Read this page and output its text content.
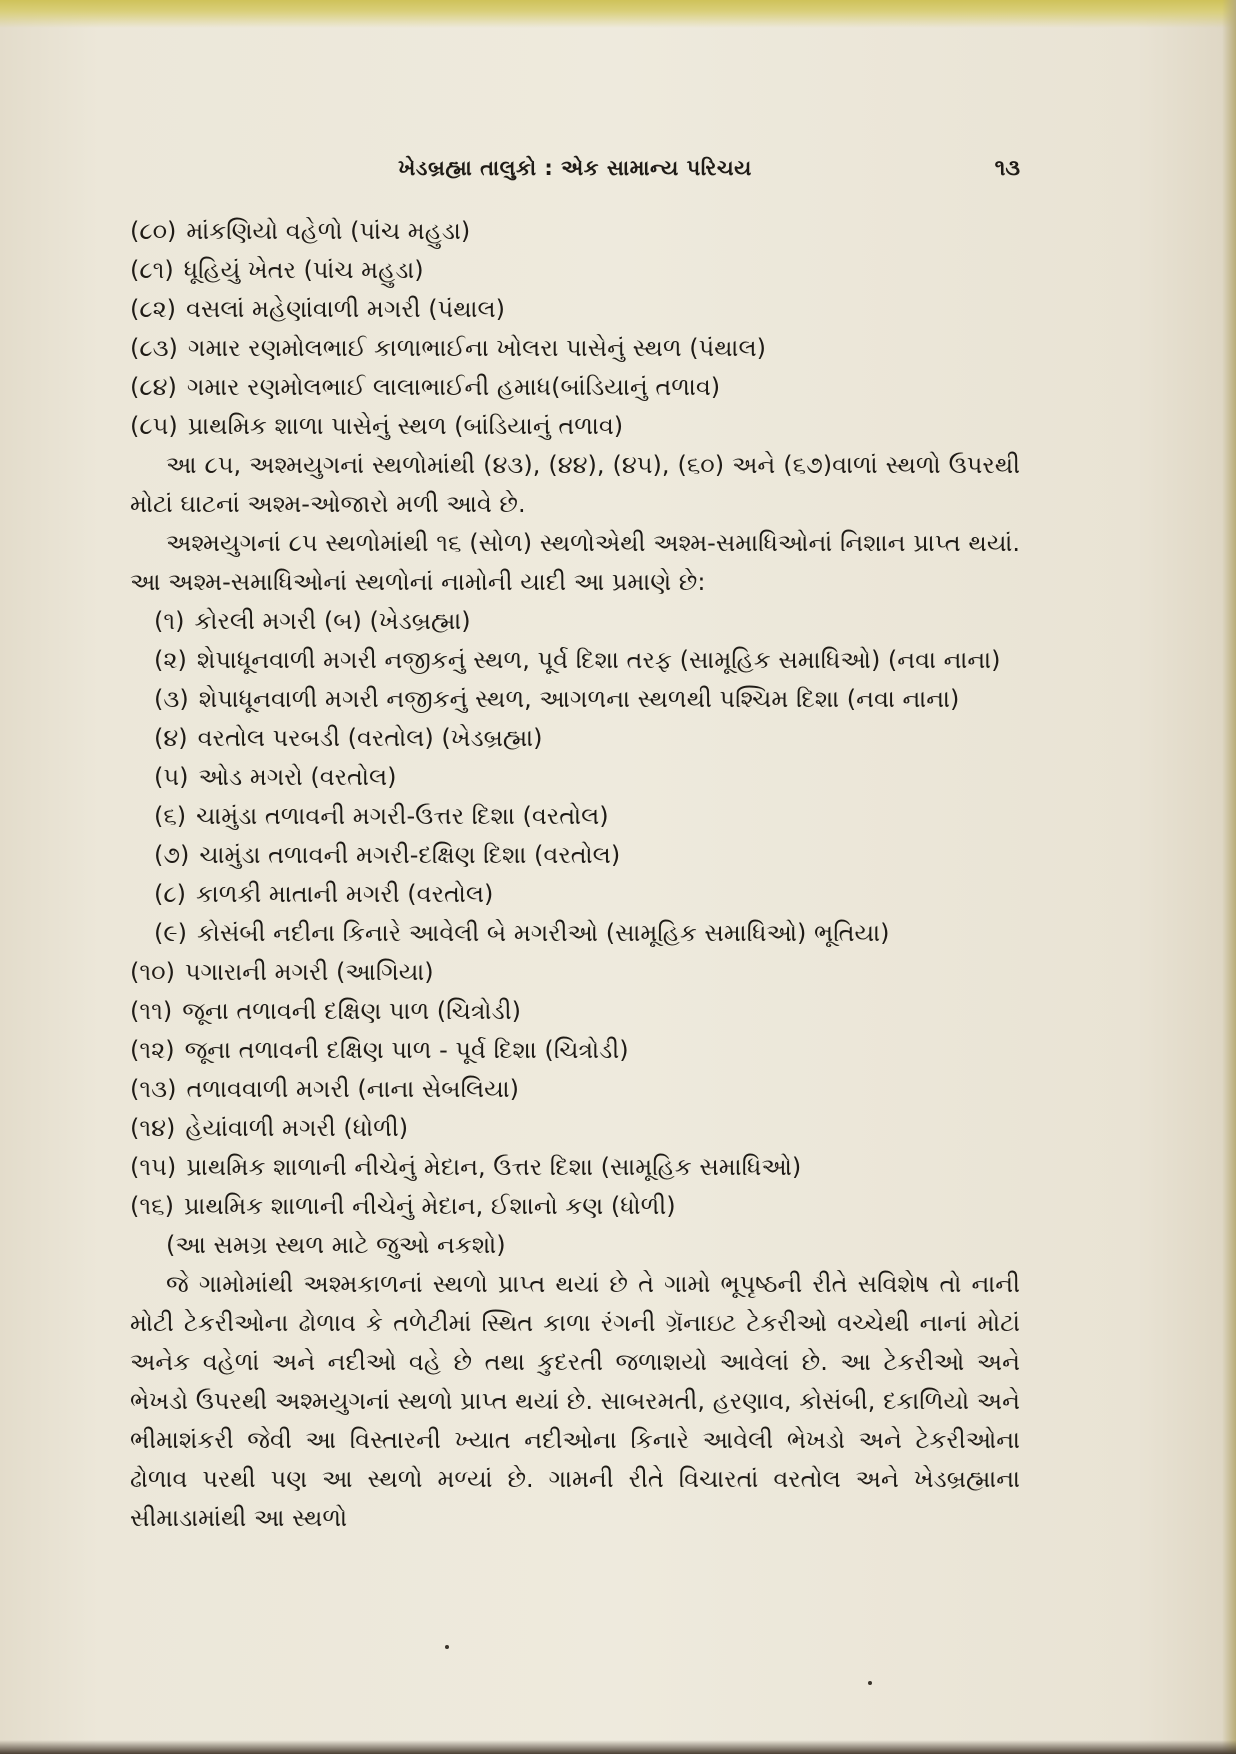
ખેડબ્રહ્મા તાલુકો : એક સામાન્ય પરિચય	૧૩
(૮૦) માંકણિયો વહેળો (પાંચ મહુડા)
(૮૧) ધૂહિયું ખેતર (પાંચ મહુડા)
(૮૨) વસલાં મહેણાંવાળી મગરી (પંથાલ)
(૮૩) ગમાર રણમોલભાઈ કાળાભાઈના ખોલરા પાસેનું સ્થળ (પંથાલ)
(૮૪) ગમાર રણમોલભાઈ લાલાભાઈની હમાધ(બાંડિયાનું તળાવ)
(૮૫) પ્રાથમિક શાળા પાસેનું સ્થળ (બાંડિયાનું તળાવ)
આ ૮૫, અશ્મયુગનાં સ્થળોમાંથી (૪૩), (૪૪), (૪૫), (૬૦) અને (૬૭)વાળાં સ્થળો ઉપરથી મોટાં ઘાટનાં અશ્મ-ઓજારો મળી આવે છે.
અશ્મયુગનાં ૮૫ સ્થળોમાંથી ૧૬ (સોળ) સ્થળોએથી અશ્મ-સમાધિઓનાં નિશાન પ્રાપ્ત થયાં. આ અશ્મ-સમાધિઓનાં સ્થળોનાં નામોની યાદી આ પ્રમાણે છે:
(૧) કોરલી મગરી (બ) (ખેડબ્રહ્મા)
(૨) શેપાધૂનવાળી મગરી નજીકનું સ્થળ, પૂર્વ દિશા તરફ (સામૂહિક સમાધિઓ) (નવા નાના)
(૩) શેપાધૂનવાળી મગરી નજીકનું સ્થળ, આગળના સ્થળથી પશ્ચિમ દિશા (નવા નાના)
(૪) વરતોલ પરબડી (વરતોલ) (ખેડબ્રહ્મા)
(૫) ઓડ મગરો (વરતોલ)
(૬) ચામુંડા તળાવની મગરી-ઉત્તર દિશા (વરતોલ)
(૭) ચામુંડા તળાવની મગરી-દક્ષિણ દિશા (વરતોલ)
(૮) કાળકી માતાની મગરી (વરતોલ)
(૯) કોસંબી નદીના કિનારે આવેલી બે મગરીઓ (સામૂહિક સમાધિઓ) ભૂતિયા)
(૧૦) પગારાની મગરી (આગિયા)
(૧૧) જૂના તળાવની દક્ષિણ પાળ (ચિત્રોડી)
(૧૨) જૂના તળાવની દક્ષિણ પાળ - પૂર્વ દિશા (ચિત્રોડી)
(૧૩) તળાવવાળી મગરી (નાના સેબલિયા)
(૧૪) હેયાંવાળી મગરી (ધોળી)
(૧૫) પ્રાથમિક શાળાની નીચેનું મેદાન, ઉત્તર દિશા (સામૂહિક સમાધિઓ)
(૧૬) પ્રાથમિક શાળાની નીચેનું મેદાન, ઈશાનો કણ (ધોળી)
(આ સમગ્ર સ્થળ માટે જુઓ નકશો)
જે ગામોમાંથી અશ્મકાળનાં સ્થળો પ્રાપ્ત થયાં છે તે ગામો ભૂપૃષ્ઠની રીતે સવિશેષ તો નાની મોટી ટેકરીઓના ઢોળાવ કે તળેટીમાં સ્થિત કાળા રંગની ગ્રૅનાઇટ ટેકરીઓ વચ્ચેથી નાનાં મોટાં અનેક વહેળાં અને નદીઓ વહે છે તથા કુદરતી જળાશયો આવેલાં છે. આ ટેકરીઓ અને ભેખડો ઉપરથી અશ્મયુગનાં સ્થળો પ્રાપ્ત થયાં છે. સાબરમતી, હરણાવ, કોસંબી, દકાળિયો અને ભીમાશંકરી જેવી આ વિસ્તારની ખ્યાત નદીઓના કિનારે આવેલી ભેખડો અને ટેકરીઓના ઢોળાવ પરથી પણ આ સ્થળો મળ્યાં છે. ગામની રીતે વિચારતાં વરતોલ અને ખેડબ્રહ્માના સીમાડામાંથી આ સ્થળો
